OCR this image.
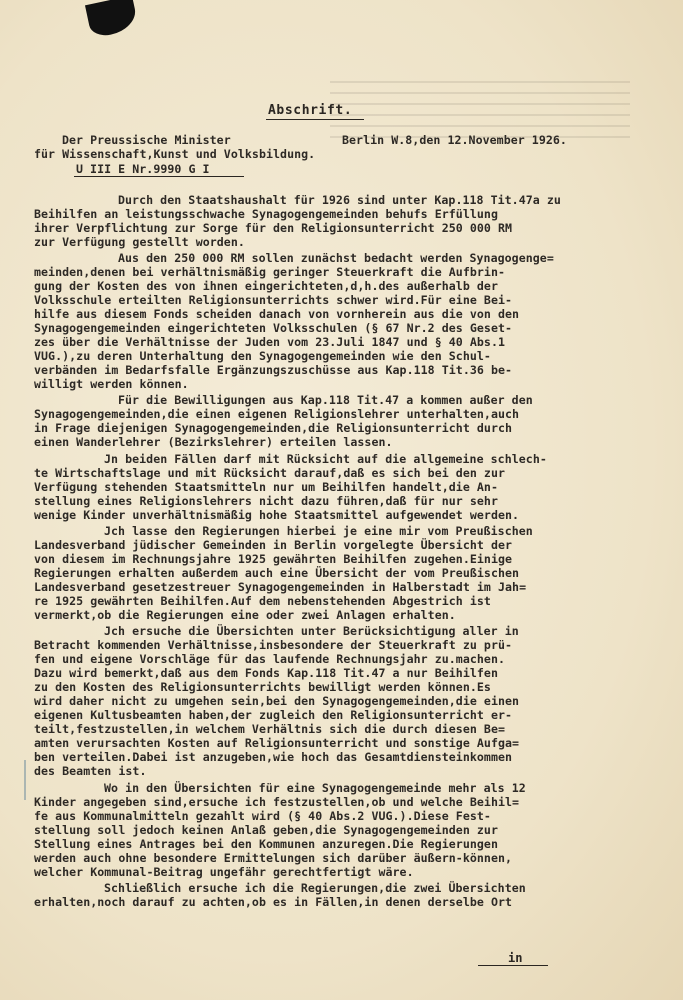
Abschrift.
Der Preussische Minister	Berlin W.8,den 12.November 1926.
für Wissenschaft,Kunst und Volksbildung.
U III E Nr.9990 G I
Durch den Staatshaushalt für 1926 sind unter Kap.118 Tit.47a zu
Beihilfen an leistungsschwache Synagogengemeinden behufs Erfüllung
ihrer Verpflichtung zur Sorge für den Religionsunterricht 250 000 RM
zur Verfügung gestellt worden.
Aus den 250 000 RM sollen zunächst bedacht werden Synagogenge=
meinden,denen bei verhältnismäßig geringer Steuerkraft die Aufbrin-
gung der Kosten des von ihnen eingerichteten,d,h.des außerhalb der
Volksschule erteilten Religionsunterrichts schwer wird.Für eine Bei-
hilfe aus diesem Fonds scheiden danach von vornherein aus die von den
Synagogengemeinden eingerichteten Volksschulen (§ 67 Nr.2 des Geset-
zes über die Verhältnisse der Juden vom 23.Juli 1847 und § 40 Abs.1
VUG.),zu deren Unterhaltung den Synagogengemeinden wie den Schul-
verbänden im Bedarfsfalle Ergänzungszuschüsse aus Kap.118 Tit.36 be-
willigt werden können.
Für die Bewilligungen aus Kap.118 Tit.47 a kommen außer den
Synagogengemeinden,die einen eigenen Religionslehrer unterhalten,auch
in Frage diejenigen Synagogengemeinden,die Religionsunterricht durch
einen Wanderlehrer (Bezirkslehrer) erteilen lassen.
Jn beiden Fällen darf mit Rücksicht auf die allgemeine schlech-
te Wirtschaftslage und mit Rücksicht darauf,daß es sich bei den zur
Verfügung stehenden Staatsmitteln nur um Beihilfen handelt,die An-
stellung eines Religionslehrers nicht dazu führen,daß für nur sehr
wenige Kinder unverhältnismäßig hohe Staatsmittel aufgewendet werden.
Jch lasse den Regierungen hierbei je eine mir vom Preußischen
Landesverband jüdischer Gemeinden in Berlin vorgelegte Übersicht der
von diesem im Rechnungsjahre 1925 gewährten Beihilfen zugehen.Einige
Regierungen erhalten außerdem auch eine Übersicht der vom Preußischen
Landesverband gesetzestreuer Synagogengemeinden in Halberstadt im Jah=
re 1925 gewährten Beihilfen.Auf dem nebenstehenden Abgestrich ist
vermerkt,ob die Regierungen eine oder zwei Anlagen erhalten.
Jch ersuche die Übersichten unter Berücksichtigung aller in
Betracht kommenden Verhältnisse,insbesondere der Steuerkraft zu prü-
fen und eigene Vorschläge für das laufende Rechnungsjahr zu.machen.
Dazu wird bemerkt,daß aus dem Fonds Kap.118 Tit.47 a nur Beihilfen
zu den Kosten des Religionsunterrichts bewilligt werden können.Es
wird daher nicht zu umgehen sein,bei den Synagogengemeinden,die einen
eigenen Kultusbeamten haben,der zugleich den Religionsunterricht er-
teilt,festzustellen,in welchem Verhältnis sich die durch diesen Be=
amten verursachten Kosten auf Religionsunterricht und sonstige Aufga=
ben verteilen.Dabei ist anzugeben,wie hoch das Gesamtdiensteinkommen
des Beamten ist.
Wo in den Übersichten für eine Synagogengemeinde mehr als 12
Kinder angegeben sind,ersuche ich festzustellen,ob und welche Beihil=
fe aus Kommunalmitteln gezahlt wird (§ 40 Abs.2 VUG.).Diese Fest-
stellung soll jedoch keinen Anlaß geben,die Synagogengemeinden zur
Stellung eines Antrages bei den Kommunen anzuregen.Die Regierungen
werden auch ohne besondere Ermittelungen sich darüber äußern-können,
welcher Kommunal-Beitrag ungefähr gerechtfertigt wäre.
Schließlich ersuche ich die Regierungen,die zwei Übersichten
erhalten,noch darauf zu achten,ob es in Fällen,in denen derselbe Ort
in
